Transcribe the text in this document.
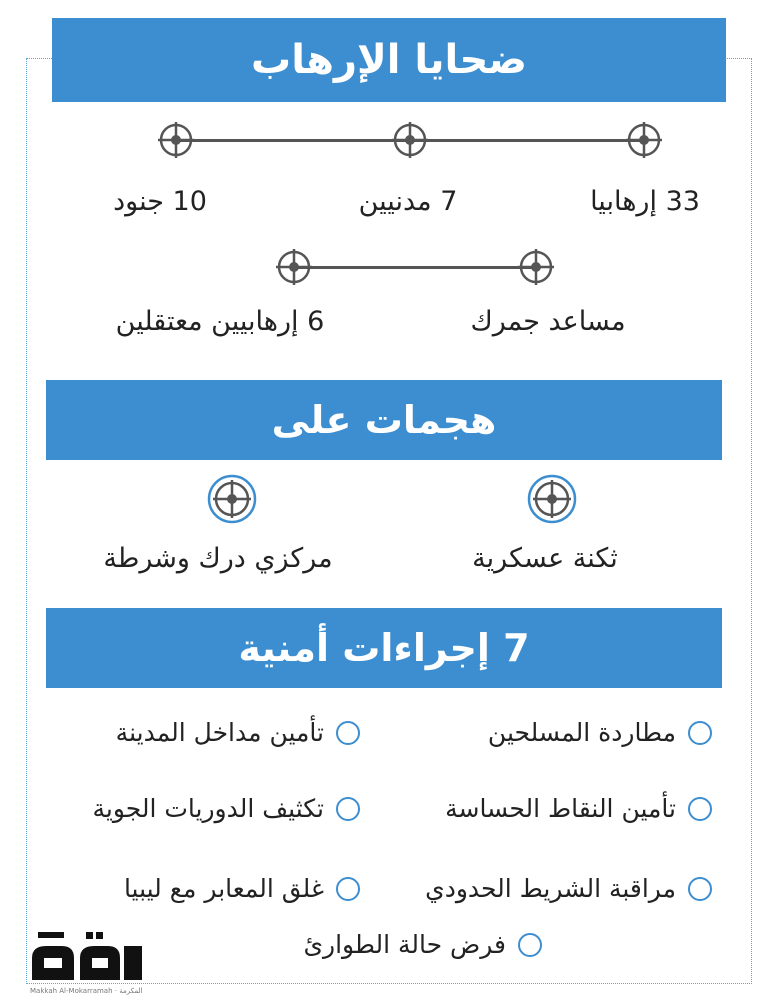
ضحايا الإرهاب
33 إرهابيا
7 مدنيين
10 جنود
مساعد جمرك
6 إرهابيين معتقلين
هجمات على
ثكنة عسكرية
مركزي درك وشرطة
7 إجراءات أمنية
مطاردة المسلحين
تأمين مداخل المدينة
تأمين النقاط الحساسة
تكثيف الدوريات الجوية
مراقبة الشريط الحدودي
غلق المعابر مع ليبيا
فرض حالة الطوارئ
Makkah Al-Mokarramah · المكرمة
